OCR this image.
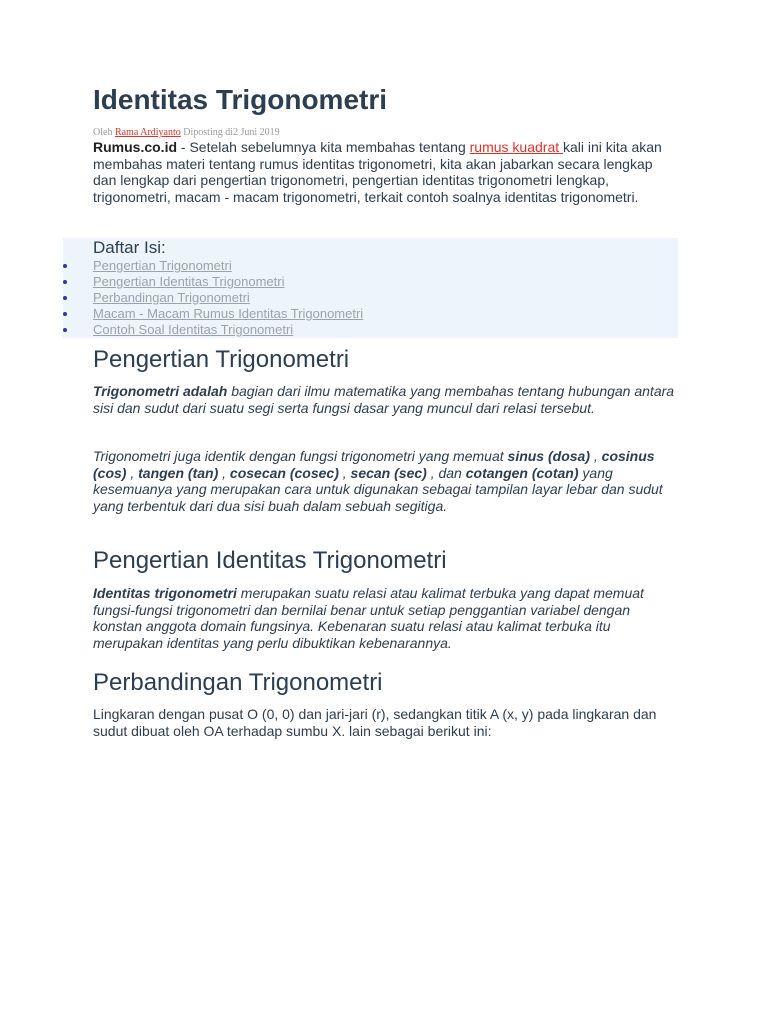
Identitas Trigonometri
Oleh Rama Ardiyanto Diposting di2 Juni 2019

Rumus.co.id - Setelah sebelumnya kita membahas tentang rumus kuadrat kali ini kita akan membahas materi tentang rumus identitas trigonometri, kita akan jabarkan secara lengkap dan lengkap dari pengertian trigonometri, pengertian identitas trigonometri lengkap, trigonometri, macam - macam trigonometri, terkait contoh soalnya identitas trigonometri.

Daftar Isi:
Pengertian Trigonometri
Pengertian Identitas Trigonometri
Perbandingan Trigonometri
Macam - Macam Rumus Identitas Trigonometri
Contoh Soal Identitas Trigonometri
Pengertian Trigonometri

Trigonometri adalah bagian dari ilmu matematika yang membahas tentang hubungan antara sisi dan sudut dari suatu segi serta fungsi dasar yang muncul dari relasi tersebut.

Trigonometri juga identik dengan fungsi trigonometri yang memuat sinus (dosa) , cosinus (cos) , tangen (tan) , cosecan (cosec) , secan (sec) , dan cotangen (cotan) yang kesemuanya yang merupakan cara untuk digunakan sebagai tampilan layar lebar dan sudut yang terbentuk dari dua sisi buah dalam sebuah segitiga.

Pengertian Identitas Trigonometri

Identitas trigonometri merupakan suatu relasi atau kalimat terbuka yang dapat memuat fungsi-fungsi trigonometri dan bernilai benar untuk setiap penggantian variabel dengan konstan anggota domain fungsinya. Kebenaran suatu relasi atau kalimat terbuka itu merupakan identitas yang perlu dibuktikan kebenarannya.

Perbandingan Trigonometri

Lingkaran dengan pusat O (0, 0) dan jari-jari (r), sedangkan titik A (x, y) pada lingkaran dan sudut dibuat oleh OA terhadap sumbu X. lain sebagai berikut ini:
